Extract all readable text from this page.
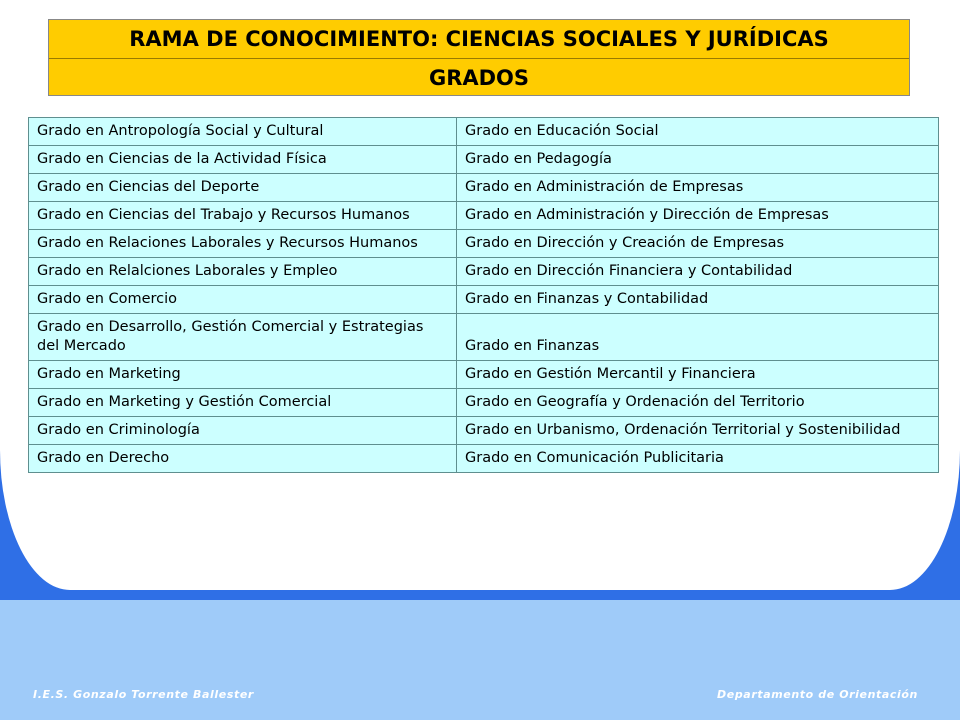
RAMA DE CONOCIMIENTO: CIENCIAS SOCIALES Y JURÍDICAS
GRADOS
Grado en Antropología Social y Cultural	Grado en Educación Social
Grado en Ciencias de la Actividad Física	Grado en Pedagogía
Grado en Ciencias del Deporte	Grado en Administración de Empresas
Grado en Ciencias del Trabajo y Recursos Humanos	Grado en Administración y Dirección de Empresas
Grado en Relaciones Laborales y Recursos Humanos	Grado en Dirección y Creación de Empresas
Grado en Relalciones Laborales y Empleo	Grado en Dirección Financiera y Contabilidad
Grado en Comercio	Grado en Finanzas y Contabilidad
Grado en Desarrollo, Gestión Comercial y Estrategias del Mercado	Grado en Finanzas
Grado en Marketing	Grado en Gestión Mercantil y Financiera
Grado en Marketing y Gestión Comercial	Grado en Geografía y Ordenación del Territorio
Grado en Criminología	Grado en Urbanismo, Ordenación Territorial y Sostenibilidad
Grado en Derecho	Grado en Comunicación Publicitaria
I.E.S. Gonzalo Torrente Ballester	Departamento de Orientación
